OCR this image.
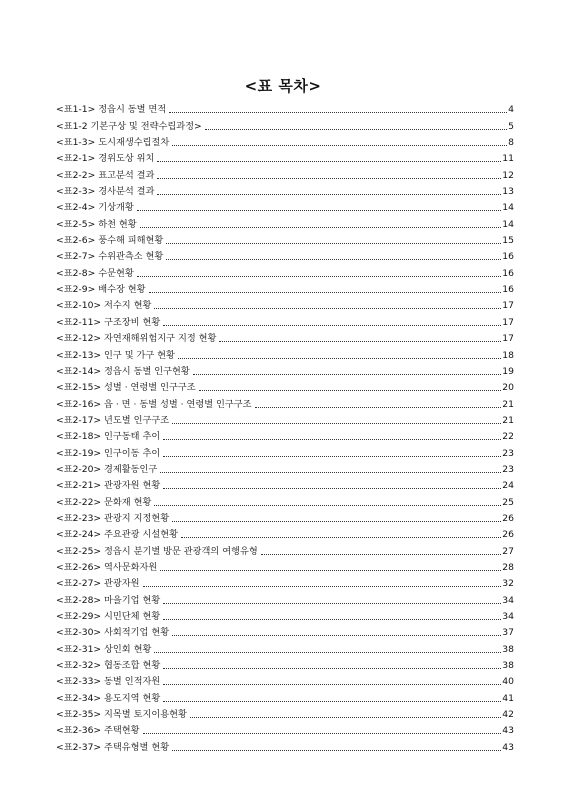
<표 목차>
<표1-1> 정읍시 동별 면적	4
<표1-2 기본구상 및 전략수립과정>	5
<표1-3> 도시재생수립절차	8
<표2-1> 경위도상 위치	11
<표2-2> 표고분석 결과	12
<표2-3> 경사분석 결과	13
<표2-4> 기상개황	14
<표2-5> 하천 현황	14
<표2-6> 풍수해 피해현황	15
<표2-7> 수위관측소 현황	16
<표2-8> 수문현황	16
<표2-9> 배수장 현황	16
<표2-10> 저수지 현황	17
<표2-11> 구조장비 현황	17
<표2-12> 자연재해위험지구 지정 현황	17
<표2-13> 인구 및 가구 현황	18
<표2-14> 정읍시 동별 인구현황	19
<표2-15> 성별 · 연령별 인구구조	20
<표2-16> 읍 · 면 · 동별 성별 · 연령별 인구구조	21
<표2-17> 년도별 인구구조	21
<표2-18> 인구동태 추이	22
<표2-19> 인구이동 추이	23
<표2-20> 경제활동인구	23
<표2-21> 관광자원 현황	24
<표2-22> 문화재 현황	25
<표2-23> 관광지 지정현황	26
<표2-24> 주요관광 시설현황	26
<표2-25> 정읍시 분기별 방문 관광객의 여행유형	27
<표2-26> 역사문화자원	28
<표2-27> 관광자원	32
<표2-28> 마을기업 현황	34
<표2-29> 시민단체 현황	34
<표2-30> 사회적기업 현황	37
<표2-31> 상인회 현황	38
<표2-32> 협동조합 현황	38
<표2-33> 동별 인적자원	40
<표2-34> 용도지역 현황	41
<표2-35> 지목별 토지이용현황	42
<표2-36> 주택현황	43
<표2-37> 주택유형별 현황	43
